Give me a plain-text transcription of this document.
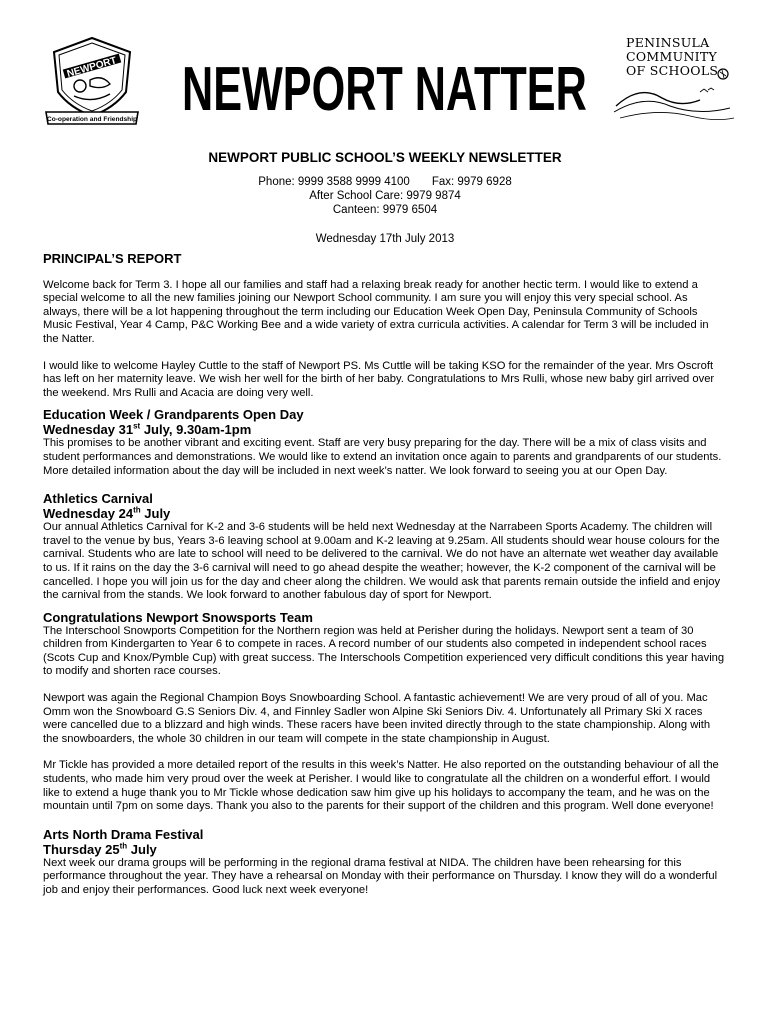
NEWPORT
Co-operation and Friendship NEWPORT NATTER
PENINSULA
COMMUNITY
OF SCHOOLS
NEWPORT PUBLIC SCHOOL’S WEEKLY NEWSLETTER
Phone: 9999 3588 9999 4100 Fax: 9979 6928
After School Care: 9979 9874
Canteen: 9979 6504
Wednesday 17th July 2013
PRINCIPAL’S REPORT

Welcome back for Term 3. I hope all our families and staff had a relaxing break ready for another hectic term. I would like to extend a special welcome to all the new families joining our Newport School community. I am sure you will enjoy this very special school. As always, there will be a lot happening throughout the term including our Education Week Open Day, Peninsula Community of Schools Music Festival, Year 4 Camp, P&C Working Bee and a wide variety of extra curricula activities. A calendar for Term 3 will be included in the Natter.

I would like to welcome Hayley Cuttle to the staff of Newport PS. Ms Cuttle will be taking KSO for the remainder of the year. Mrs Oscroft has left on her maternity leave. We wish her well for the birth of her baby. Congratulations to Mrs Rulli, whose new baby girl arrived over the weekend. Mrs Rulli and Acacia are doing very well.

Education Week / Grandparents Open Day
Wednesday 31st July, 9.30am-1pm

This promises to be another vibrant and exciting event. Staff are very busy preparing for the day. There will be a mix of class visits and student performances and demonstrations. We would like to extend an invitation once again to parents and grandparents of our students. More detailed information about the day will be included in next week’s natter. We look forward to seeing you at our Open Day.

Athletics Carnival
Wednesday 24th July

Our annual Athletics Carnival for K-2 and 3-6 students will be held next Wednesday at the Narrabeen Sports Academy. The children will travel to the venue by bus, Years 3-6 leaving school at 9.00am and K-2 leaving at 9.25am. All students should wear house colours for the carnival. Students who are late to school will need to be delivered to the carnival. We do not have an alternate wet weather day available to us. If it rains on the day the 3-6 carnival will need to go ahead despite the weather; however, the K-2 component of the carnival will be cancelled. I hope you will join us for the day and cheer along the children. We would ask that parents remain outside the infield and enjoy the carnival from the stands. We look forward to another fabulous day of sport for Newport.

Congratulations Newport Snowsports Team

The Interschool Snowports Competition for the Northern region was held at Perisher during the holidays. Newport sent a team of 30 children from Kindergarten to Year 6 to compete in races. A record number of our students also competed in independent school races (Scots Cup and Knox/Pymble Cup) with great success. The Interschools Competition experienced very difficult conditions this year having to modify and shorten race courses.

Newport was again the Regional Champion Boys Snowboarding School. A fantastic achievement! We are very proud of all of you. Mac Omm won the Snowboard G.S Seniors Div. 4, and Finnley Sadler won Alpine Ski Seniors Div. 4. Unfortunately all Primary Ski X races were cancelled due to a blizzard and high winds. These racers have been invited directly through to the state championship. Along with the snowboarders, the whole 30 children in our team will compete in the state championship in August.

Mr Tickle has provided a more detailed report of the results in this week’s Natter. He also reported on the outstanding behaviour of all the students, who made him very proud over the week at Perisher. I would like to congratulate all the children on a wonderful effort. I would like to extend a huge thank you to Mr Tickle whose dedication saw him give up his holidays to accompany the team, and he was on the mountain until 7pm on some days. Thank you also to the parents for their support of the children and this program. Well done everyone!

Arts North Drama Festival
Thursday 25th July

Next week our drama groups will be performing in the regional drama festival at NIDA. The children have been rehearsing for this performance throughout the year. They have a rehearsal on Monday with their performance on Thursday. I know they will do a wonderful job and enjoy their performances. Good luck next week everyone!
